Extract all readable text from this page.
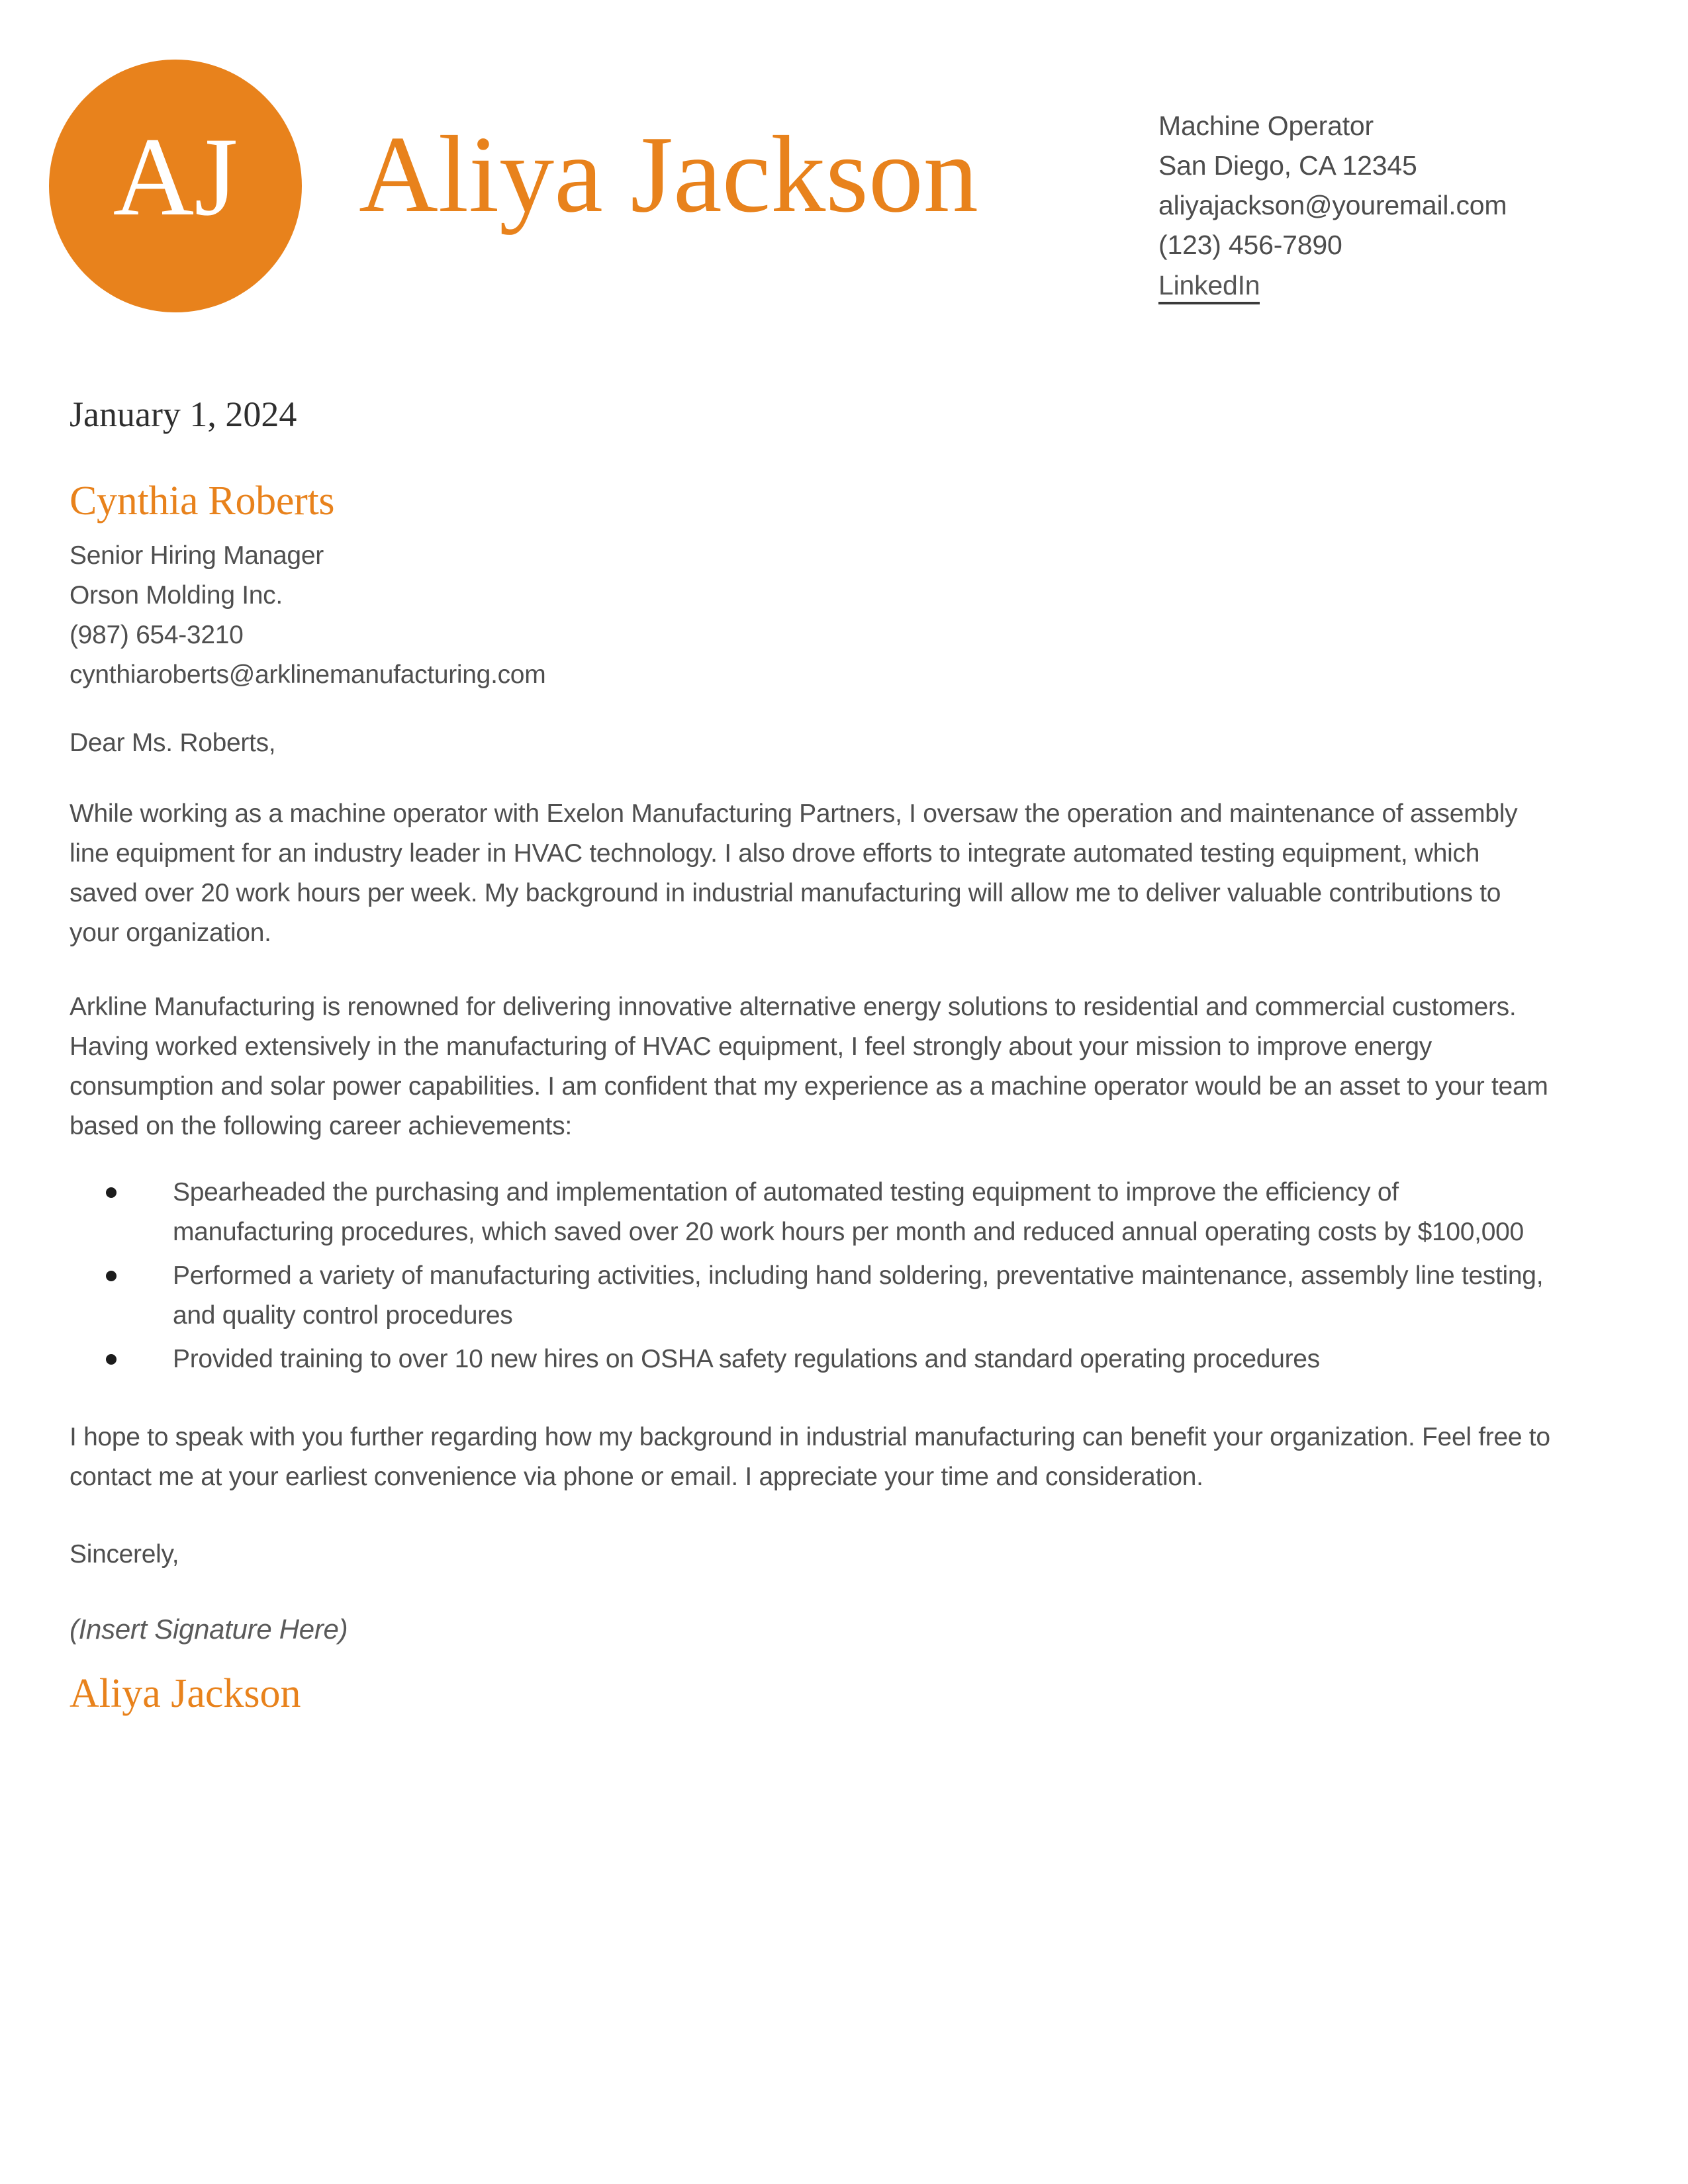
AJ Aliya Jackson	Machine Operator
San Diego, CA 12345
aliyajackson@youremail.com
(123) 456-7890
LinkedIn

January 1, 2024

Cynthia Roberts
Senior Hiring Manager
Orson Molding Inc.
(987) 654-3210
cynthiaroberts@arklinemanufacturing.com

Dear Ms. Roberts,

While working as a machine operator with Exelon Manufacturing Partners, I oversaw the operation and maintenance of assembly line equipment for an industry leader in HVAC technology. I also drove efforts to integrate automated testing equipment, which saved over 20 work hours per week. My background in industrial manufacturing will allow me to deliver valuable contributions to your organization.

Arkline Manufacturing is renowned for delivering innovative alternative energy solutions to residential and commercial customers. Having worked extensively in the manufacturing of HVAC equipment, I feel strongly about your mission to improve energy consumption and solar power capabilities. I am confident that my experience as a machine operator would be an asset to your team based on the following career achievements:

Spearheaded the purchasing and implementation of automated testing equipment to improve the efficiency of manufacturing procedures, which saved over 20 work hours per month and reduced annual operating costs by $100,000
Performed a variety of manufacturing activities, including hand soldering, preventative maintenance, assembly line testing, and quality control procedures
Provided training to over 10 new hires on OSHA safety regulations and standard operating procedures

I hope to speak with you further regarding how my background in industrial manufacturing can benefit your organization. Feel free to contact me at your earliest convenience via phone or email. I appreciate your time and consideration.

Sincerely,

(Insert Signature Here)

Aliya Jackson
